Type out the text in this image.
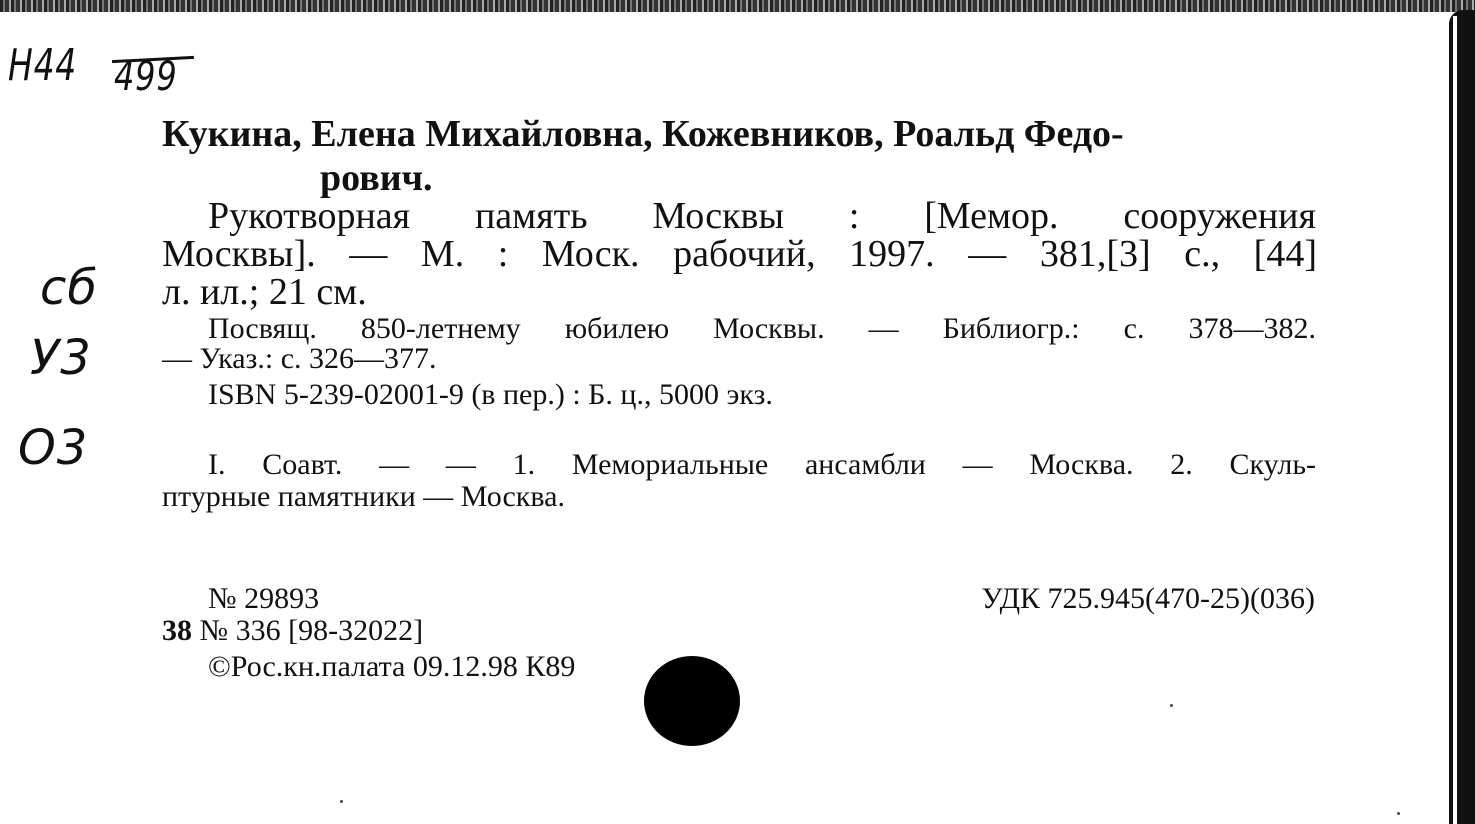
Н44 499
сб
У3
О3
Кукина, Елена Михайловна, Кожевников, Роальд Федо-
рович.
Рукотворная память Москвы : [Мемор. сооружения
Москвы]. — М. : Моск. рабочий, 1997. — 381,[3] с., [44]
л. ил.; 21 см.
Посвящ. 850-летнему юбилею Москвы. — Библиогр.: с. 378—382.
— Указ.: с. 326—377.
ISBN 5-239-02001-9 (в пер.) : Б. ц., 5000 экз.
I. Соавт. — — 1. Мемориальные ансамбли — Москва. 2. Скуль-
птурные памятники — Москва.
№ 29893	УДК 725.945(470-25)(036)
38 № 336 [98-32022]
©Рос.кн.палата 09.12.98 К89
